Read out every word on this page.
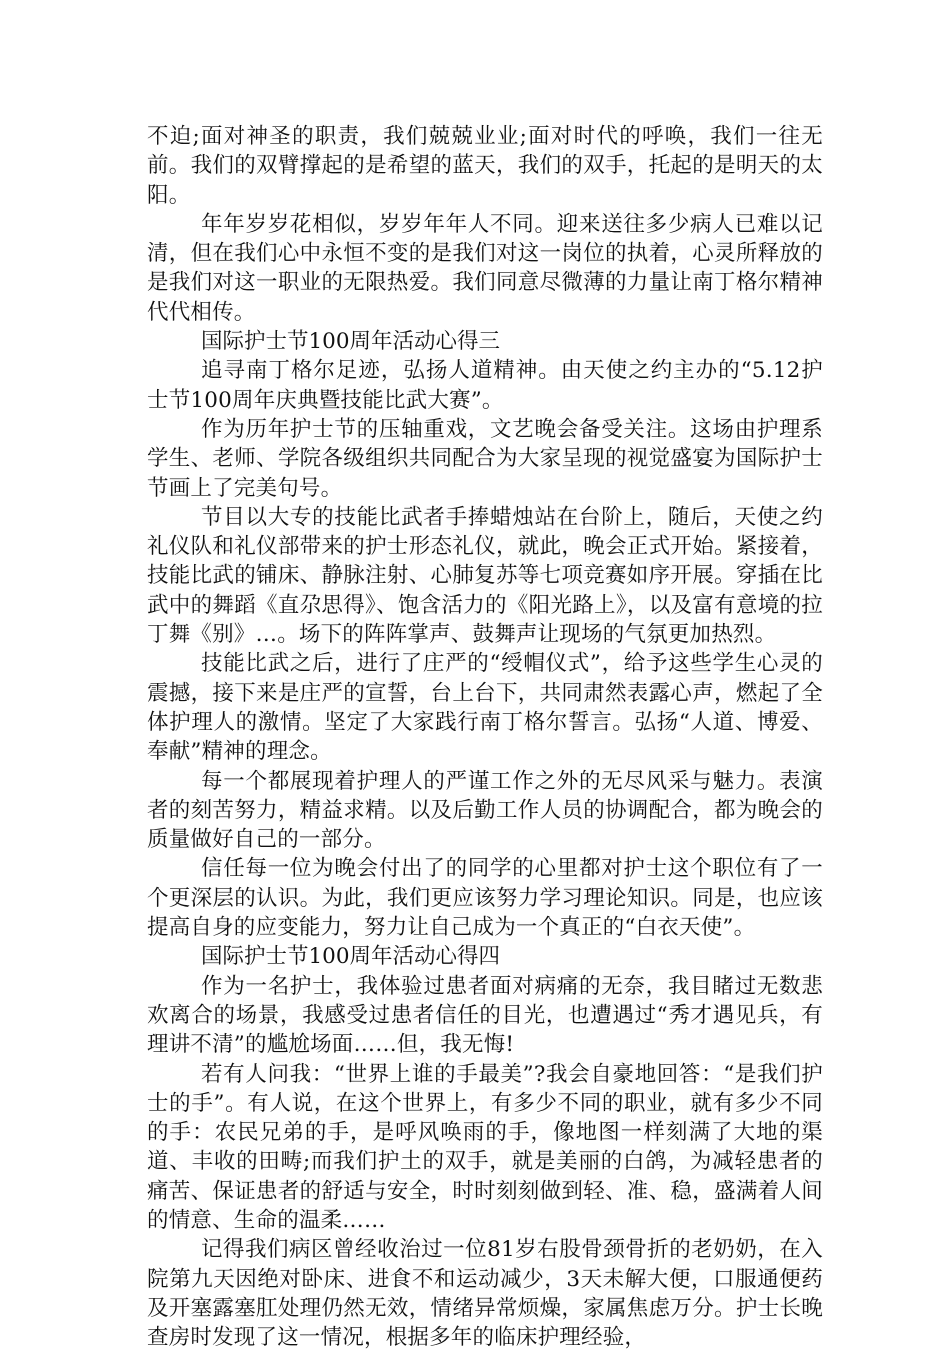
不迫;面对神圣的职责，我们兢兢业业;面对时代的呼唤，我们一往无前。我们的双臂撑起的是希望的蓝天，我们的双手，托起的是明天的太阳。

年年岁岁花相似，岁岁年年人不同。迎来送往多少病人已难以记清，但在我们心中永恒不变的是我们对这一岗位的执着，心灵所释放的是我们对这一职业的无限热爱。我们同意尽微薄的力量让南丁格尔精神代代相传。

国际护士节100周年活动心得三

追寻南丁格尔足迹，弘扬人道精神。由天使之约主办的“5.12护士节100周年庆典暨技能比武大赛”。

作为历年护士节的压轴重戏，文艺晚会备受关注。这场由护理系学生、老师、学院各级组织共同配合为大家呈现的视觉盛宴为国际护士节画上了完美句号。

节目以大专的技能比武者手捧蜡烛站在台阶上，随后，天使之约礼仪队和礼仪部带来的护士形态礼仪，就此，晚会正式开始。紧接着，技能比武的铺床、静脉注射、心肺复苏等七项竞赛如序开展。穿插在比武中的舞蹈《直尕思得》、饱含活力的《阳光路上》，以及富有意境的拉丁舞《别》…。场下的阵阵掌声、鼓舞声让现场的气氛更加热烈。

技能比武之后，进行了庄严的“绶帽仪式”，给予这些学生心灵的震撼，接下来是庄严的宣誓，台上台下，共同肃然表露心声，燃起了全体护理人的激情。坚定了大家践行南丁格尔誓言。弘扬“人道、博爱、奉献”精神的理念。

每一个都展现着护理人的严谨工作之外的无尽风采与魅力。表演者的刻苦努力，精益求精。以及后勤工作人员的协调配合，都为晚会的质量做好自己的一部分。

信任每一位为晚会付出了的同学的心里都对护士这个职位有了一个更深层的认识。为此，我们更应该努力学习理论知识。同是，也应该提高自身的应变能力，努力让自己成为一个真正的“白衣天使”。

国际护士节100周年活动心得四

作为一名护士，我体验过患者面对病痛的无奈，我目睹过无数悲欢离合的场景，我感受过患者信任的目光，也遭遇过“秀才遇见兵，有理讲不清”的尴尬场面……但，我无悔!

若有人问我：“世界上谁的手最美”?我会自豪地回答：“是我们护士的手”。有人说，在这个世界上，有多少不同的职业，就有多少不同的手：农民兄弟的手，是呼风唤雨的手，像地图一样刻满了大地的渠道、丰收的田畴;而我们护土的双手，就是美丽的白鸽，为减轻患者的痛苦、保证患者的舒适与安全，时时刻刻做到轻、准、稳，盛满着人间的情意、生命的温柔……

记得我们病区曾经收治过一位81岁右股骨颈骨折的老奶奶，在入院第九天因绝对卧床、进食不和运动减少，3天未解大便，口服通便药及开塞露塞肛处理仍然无效，情绪异常烦燥，家属焦虑万分。护士长晚查房时发现了这一情况，根据多年的临床护理经验，
